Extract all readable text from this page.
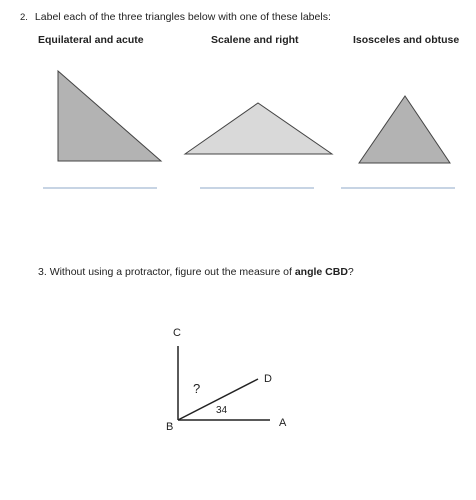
2. Label each of the three triangles below with one of these labels:
Equilateral and acute	Scalene and right	Isosceles and obtuse
C
B
D
A
?
34
3. Without using a protractor, figure out the measure of angle CBD?
